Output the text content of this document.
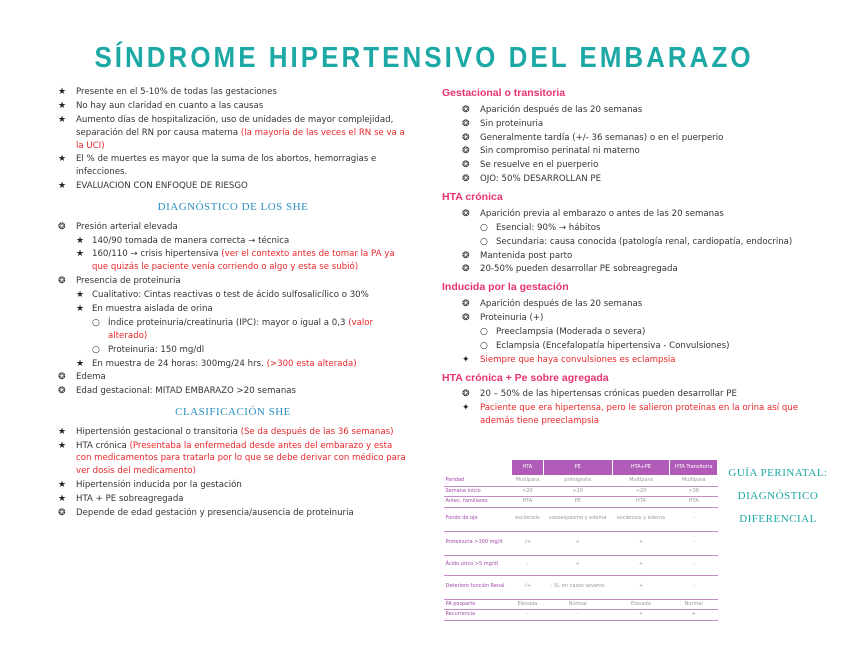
SÍNDROME HIPERTENSIVO DEL EMBARAZO
★ Presente en el 5-10% de todas las gestaciones
★ No hay aun claridad en cuanto a las causas
★ Aumento días de hospitalización, uso de unidades de mayor complejidad, separación del RN por causa materna (la mayoría de las veces el RN se va a la UCI)
★ El % de muertes es mayor que la suma de los abortos, hemorragias e infecciones.
★ EVALUACION CON ENFOQUE DE RIESGO
DIAGNÓSTICO DE LOS SHE
❂ Presión arterial elevada
★ 140/90 tomada de manera correcta → técnica
★ 160/110 → crisis hipertensiva (ver el contexto antes de tomar la PA ya que quizás le paciente venía corriendo o algo y esta se subió)
❂ Presencia de proteinuria
★ Cualitativo: Cintas reactivas o test de ácido sulfosalicílico o 30%
★ En muestra aislada de orina
○ Índice proteinuria/creatinuria (IPC): mayor o igual a 0,3 (valor alterado)
○ Proteinuria: 150 mg/dl
★ En muestra de 24 horas: 300mg/24 hrs. (>300 esta alterada)
❂ Edema
❂ Edad gestacional: MITAD EMBARAZO >20 semanas
CLASIFICACIÓN SHE
★ Hipertensión gestacional o transitoria (Se da después de las 36 semanas)
★ HTA crónica (Presentaba la enfermedad desde antes del embarazo y esta con medicamentos para tratarla por lo que se debe derivar con médico para ver dosis del medicamento)
★ Hipertensión inducida por la gestación
★ HTA + PE sobreagregada
❂ Depende de edad gestación y presencia/ausencia de proteinuria
Gestacional o transitoria
❂ Aparición después de las 20 semanas
❂ Sin proteinuria
❂ Generalmente tardía (+/- 36 semanas) o en el puerperio
❂ Sin compromiso perinatal ni materno
❂ Se resuelve en el puerperio
❂ OJO: 50% DESARROLLAN PE
HTA crónica
❂ Aparición previa al embarazo o antes de las 20 semanas
○ Esencial: 90% → hábitos
○ Secundaria: causa conocida (patología renal, cardiopatía, endocrina)
❂ Mantenida post parto
❂ 20-50% pueden desarrollar PE sobreagregada
Inducida por la gestación
❂ Aparición después de las 20 semanas
❂ Proteinuria (+)
○ Preeclampsia (Moderada o severa)
○ Eclampsia (Encefalopatía hipertensiva - Convulsiones)
✦ Siempre que haya convulsiones es eclampsia
HTA crónica + Pe sobre agregada
❂ 20 – 50% de las hipertensas crónicas pueden desarrollar PE
✦ Paciente que era hipertensa, pero le salieron proteínas en la orina así que además tiene preeclampsia
	HTA	PE	HTA+PE	HTA Transitoria
Paridad	Multípara	primigesta	Multípara	Multípara
Semana inicio	<20	>20	<20	>36
Antec. familiares	HTA	PE	HTA	HTA
Fondo de ojo	esclerosis	vasoespasmo y edema	esclerosis y edema	-
Proteinuria >300 mg/lt	-/+	+	+	-
Ácido úrico >5 mg/dl	-	+	+	-
Deterioro función Renal	-/+	- Sí, en casos severos	+	-
PA posparto	Elevada	Normal	Elevada	Normal
Recurrencia	-	-	+	+
GUÍA PERINATAL:
DIAGNÓSTICO
DIFERENCIAL
